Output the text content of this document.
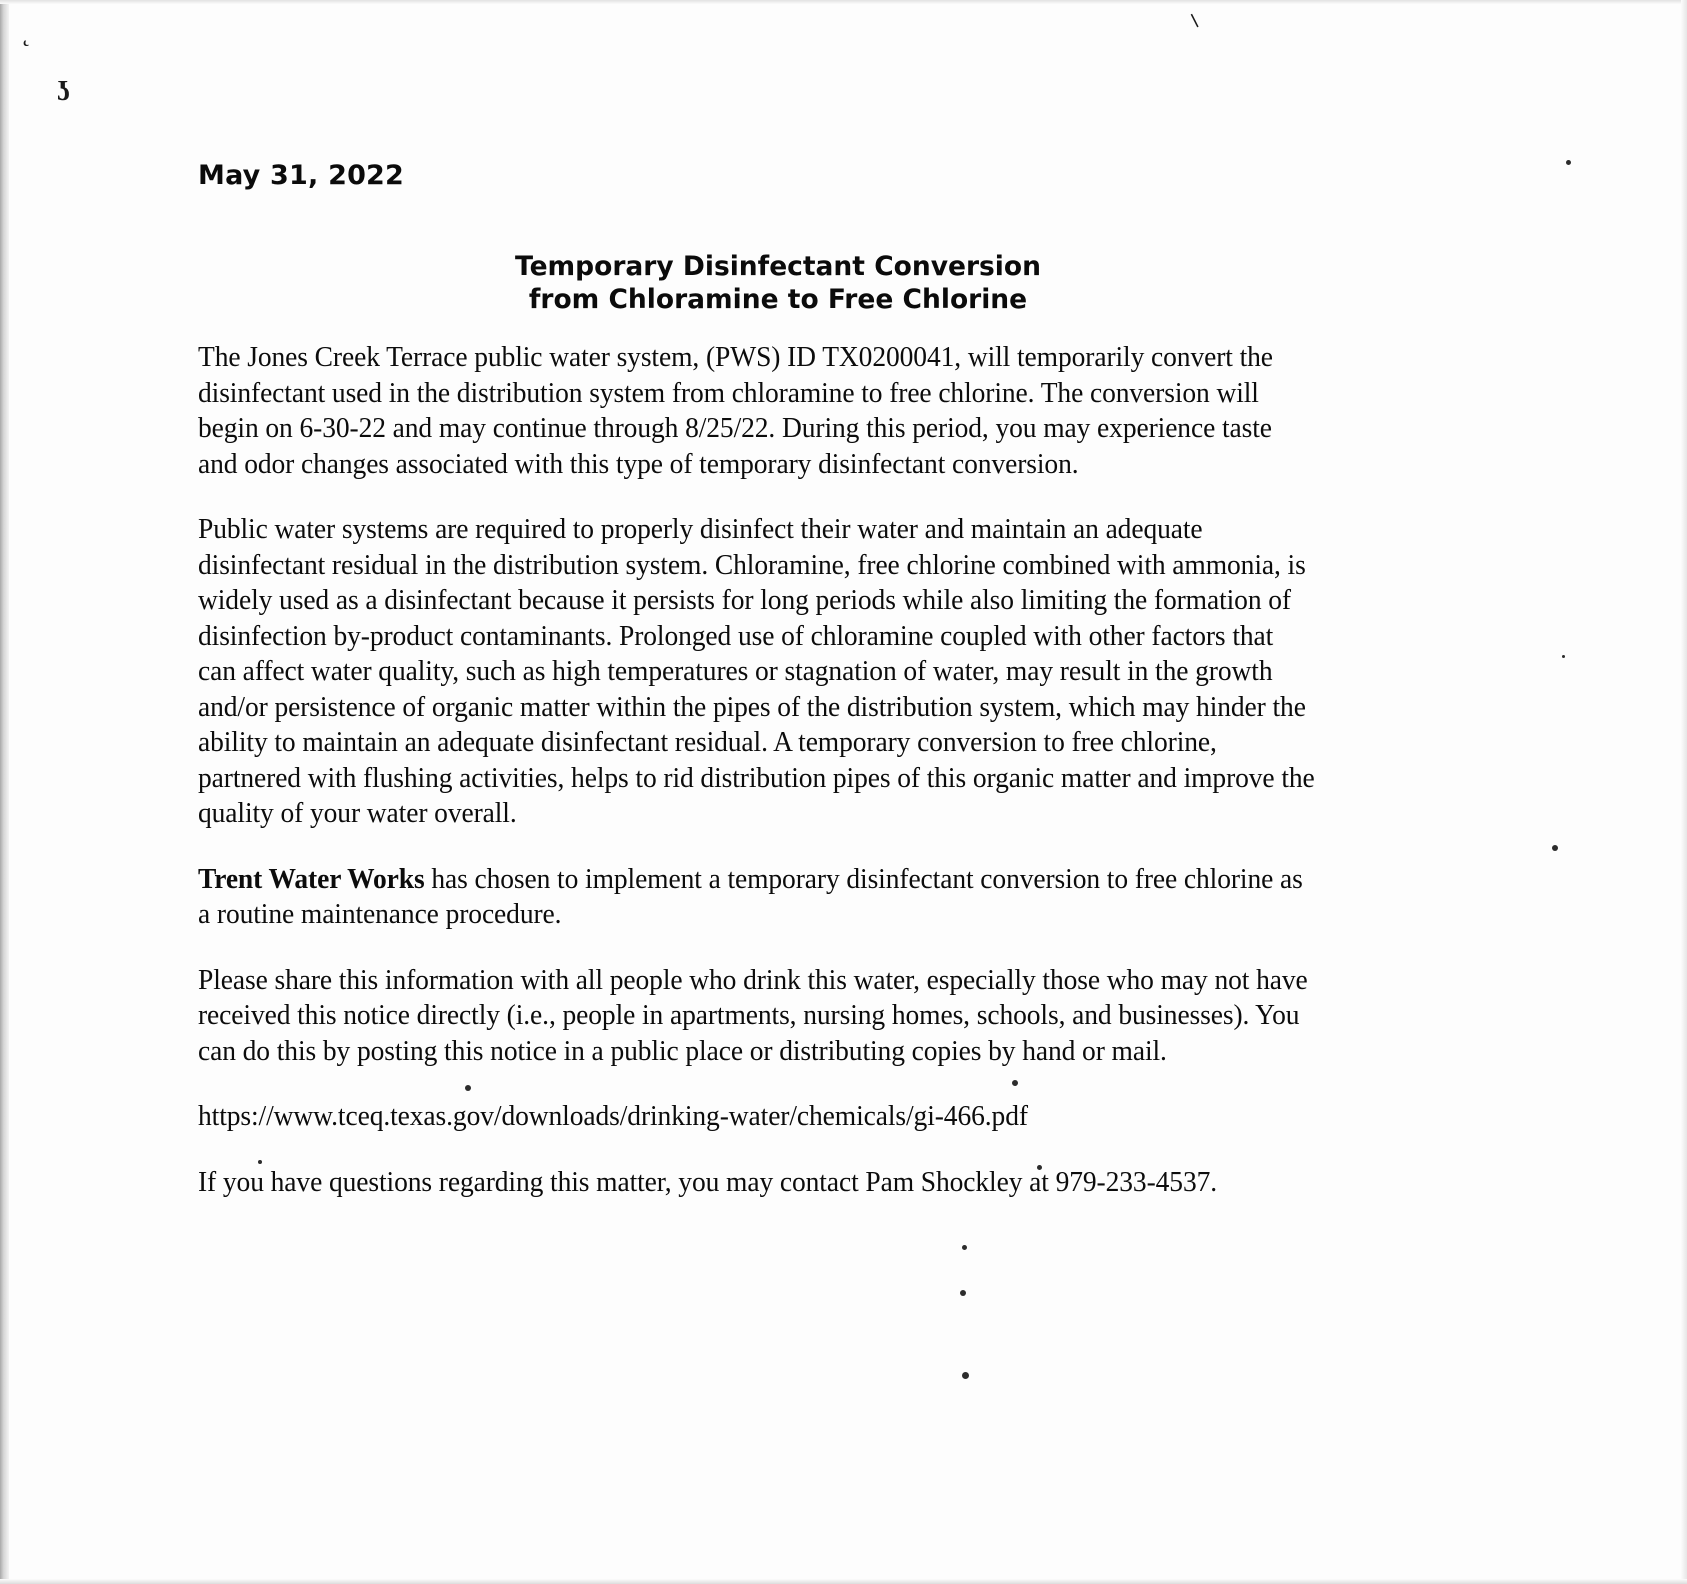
˛
ʖ
⸌
May 31, 2022
Temporary Disinfectant Conversion
from Chloramine to Free Chlorine

The Jones Creek Terrace public water system, (PWS) ID TX0200041, will temporarily convert the disinfectant used in the distribution system from chloramine to free chlorine. The conversion will begin on 6-30-22 and may continue through 8/25/22. During this period, you may experience taste and odor changes associated with this type of temporary disinfectant conversion.

Public water systems are required to properly disinfect their water and maintain an adequate disinfectant residual in the distribution system. Chloramine, free chlorine combined with ammonia, is widely used as a disinfectant because it persists for long periods while also limiting the formation of disinfection by-product contaminants. Prolonged use of chloramine coupled with other factors that can affect water quality, such as high temperatures or stagnation of water, may result in the growth and/or persistence of organic matter within the pipes of the distribution system, which may hinder the ability to maintain an adequate disinfectant residual. A temporary conversion to free chlorine, partnered with flushing activities, helps to rid distribution pipes of this organic matter and improve the quality of your water overall.

Trent Water Works has chosen to implement a temporary disinfectant conversion to free chlorine as a routine maintenance procedure.

Please share this information with all people who drink this water, especially those who may not have received this notice directly (i.e., people in apartments, nursing homes, schools, and businesses). You can do this by posting this notice in a public place or distributing copies by hand or mail.

https://www.tceq.texas.gov/downloads/drinking-water/chemicals/gi-466.pdf

If you have questions regarding this matter, you may contact Pam Shockley at 979-233-4537.
